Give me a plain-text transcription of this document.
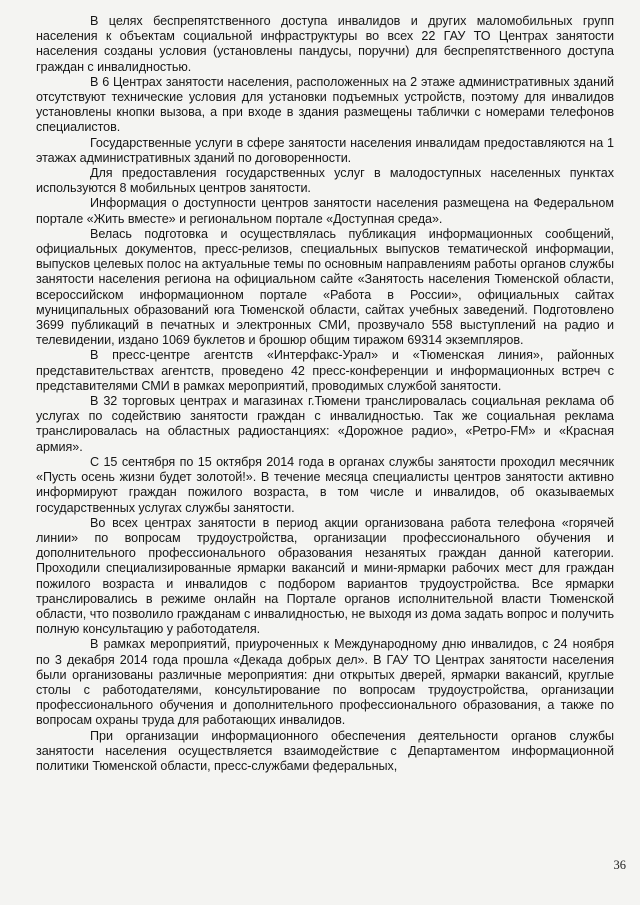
В целях беспрепятственного доступа инвалидов и других маломобильных групп населения к объектам социальной инфраструктуры во всех 22 ГАУ ТО Центрах занятости населения созданы условия (установлены пандусы, поручни) для беспрепятственного доступа граждан с инвалидностью.

В 6 Центрах занятости населения, расположенных на 2 этаже административных зданий отсутствуют технические условия для установки подъемных устройств, поэтому для инвалидов установлены кнопки вызова, а при входе в здания размещены таблички с номерами телефонов специалистов.

Государственные услуги в сфере занятости населения инвалидам предоставляются на 1 этажах административных зданий по договоренности.

Для предоставления государственных услуг в малодоступных населенных пунктах используются 8 мобильных центров занятости.

Информация о доступности центров занятости населения размещена на Федеральном портале «Жить вместе» и региональном портале «Доступная среда».

Велась подготовка и осуществлялась публикация информационных сообщений, официальных документов, пресс-релизов, специальных выпусков тематической информации, выпусков целевых полос на актуальные темы по основным направлениям работы органов службы занятости населения региона на официальном сайте «Занятость населения Тюменской области, всероссийском информационном портале «Работа в России», официальных сайтах муниципальных образований юга Тюменской области, сайтах учебных заведений. Подготовлено 3699 публикаций в печатных и электронных СМИ, прозвучало 558 выступлений на радио и телевидении, издано 1069 буклетов и брошюр общим тиражом 69314 экземпляров.

В пресс-центре агентств «Интерфакс-Урал» и «Тюменская линия», районных представительствах агентств, проведено 42 пресс-конференции и информационных встреч с представителями СМИ в рамках мероприятий, проводимых службой занятости.

В 32 торговых центрах и магазинах г.Тюмени транслировалась социальная реклама об услугах по содействию занятости граждан с инвалидностью. Так же социальная реклама транслировалась на областных радиостанциях: «Дорожное радио», «Ретро-FM» и «Красная армия».

С 15 сентября по 15 октября 2014 года в органах службы занятости проходил месячник «Пусть осень жизни будет золотой!». В течение месяца специалисты центров занятости активно информируют граждан пожилого возраста, в том числе и инвалидов, об оказываемых государственных услугах службы занятости.

Во всех центрах занятости в период акции организована работа телефона «горячей линии» по вопросам трудоустройства, организации профессионального обучения и дополнительного профессионального образования незанятых граждан данной категории. Проходили специализированные ярмарки вакансий и мини-ярмарки рабочих мест для граждан пожилого возраста и инвалидов с подбором вариантов трудоустройства. Все ярмарки транслировались в режиме онлайн на Портале органов исполнительной власти Тюменской области, что позволило гражданам с инвалидностью, не выходя из дома задать вопрос и получить полную консультацию у работодателя.

В рамках мероприятий, приуроченных к Международному дню инвалидов, с 24 ноября по 3 декабря 2014 года прошла «Декада добрых дел». В ГАУ ТО Центрах занятости населения были организованы различные мероприятия: дни открытых дверей, ярмарки вакансий, круглые столы с работодателями, консультирование по вопросам трудоустройства, организации профессионального обучения и дополнительного профессионального образования, а также по вопросам охраны труда для работающих инвалидов.

При организации информационного обеспечения деятельности органов службы занятости населения осуществляется взаимодействие с Департаментом информационной политики Тюменской области, пресс-службами федеральных,

36
